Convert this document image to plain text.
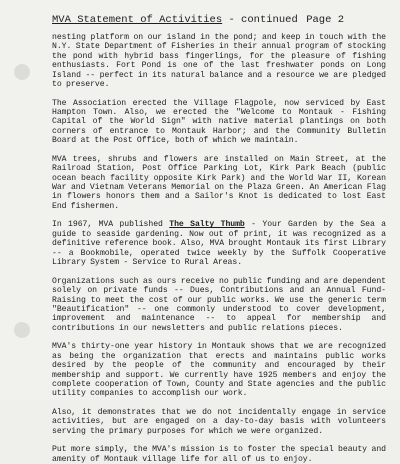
MVA Statement of Activities - continued Page 2

nesting platform on our island in the pond; and keep in touch with the N.Y. State Department of Fisheries in their annual program of stocking the pond with hybrid bass fingerlings, for the pleasure of fishing enthusiasts. Fort Pond is one of the last freshwater ponds on Long Island -- perfect in its natural balance and a resource we are pledged to preserve.

The Association erected the Village Flagpole, now serviced by East Hampton Town. Also, we erected the "Welcome to Montauk - Fishing Capital of the World Sign" with native material plantings on both corners of entrance to Montauk Harbor; and the Community Bulletin Board at the Post Office, both of which we maintain.

MVA trees, shrubs and flowers are installed on Main Street, at the Railroad Station, Post Office Parking Lot, Kirk Park Beach (public ocean beach facility opposite Kirk Park) and the World War II, Korean War and Vietnam Veterans Memorial on the Plaza Green. An American Flag in flowers honors them and a Sailor's Knot is dedicated to lost East End fishermen.

In 1967, MVA published The Salty Thumb - Your Garden by the Sea a guide to seaside gardening. Now out of print, it was recognized as a definitive reference book. Also, MVA brought Montauk its first Library -- a Bookmobile, operated twice weekly by the Suffolk Cooperative Library System - Service to Rural Areas.

Organizations such as ours receive no public funding and are dependent solely on private funds -- Dues, Contributions and an Annual Fund-Raising to meet the cost of our public works. We use the generic term "Beautification" -- one commonly understood to cover development, improvement and maintenance -- to appeal for membership and contributions in our newsletters and public relations pieces.

MVA's thirty-one year history in Montauk shows that we are recognized as being the organization that erects and maintains public works desired by the people of the community and encouraged by their membership and support. We currently have 1925 members and enjoy the complete cooperation of Town, County and State agencies and the public utility companies to accomplish our work.

Also, it demonstrates that we do not incidentally engage in service activities, but are engaged on a day-to-day basis with volunteers serving the primary purposes for which we were organized.

Put more simply, the MVA's mission is to foster the special beauty and amenity of Montauk village life for all of us to enjoy.
